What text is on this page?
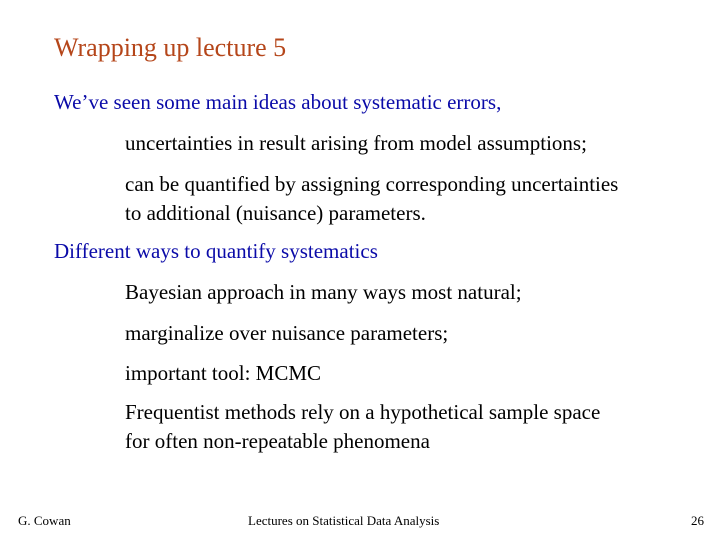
Wrapping up lecture 5
We’ve seen some main ideas about systematic errors,
uncertainties in result arising from model assumptions;
can be quantified by assigning corresponding uncertainties
to additional (nuisance) parameters.
Different ways to quantify systematics
Bayesian approach in many ways most natural;
marginalize over nuisance parameters;
important tool: MCMC
Frequentist methods rely on a hypothetical sample space
for often non-repeatable phenomena
G. Cowan	Lectures on Statistical Data Analysis	26
